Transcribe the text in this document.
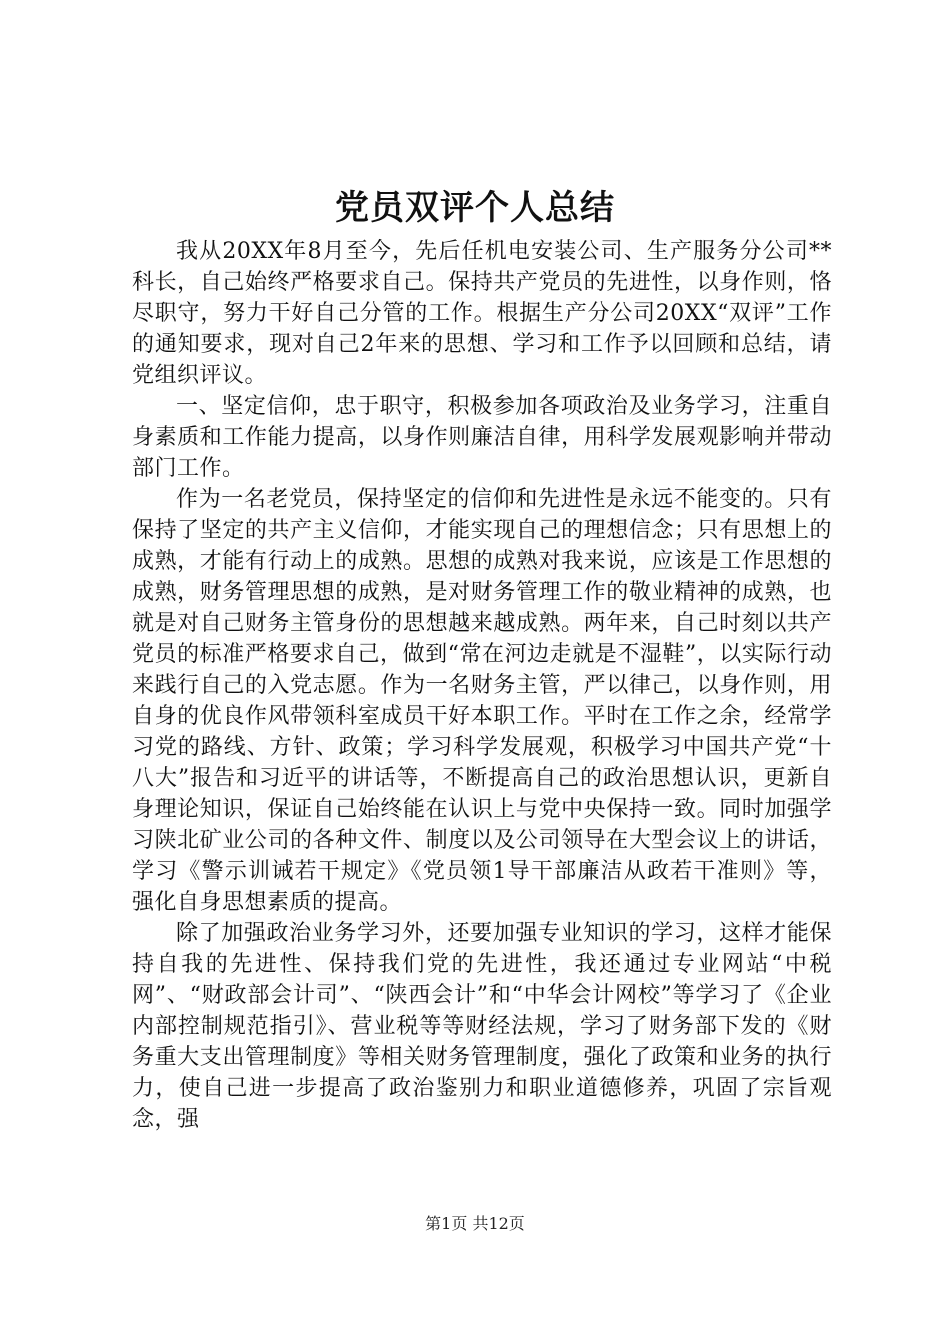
党员双评个人总结

我从20XX年8月至今，先后任机电安装公司、生产服务分公司**科长，自己始终严格要求自己。保持共产党员的先进性，以身作则，恪尽职守，努力干好自己分管的工作。根据生产分公司20XX“双评”工作的通知要求，现对自己2年来的思想、学习和工作予以回顾和总结，请党组织评议。

一、坚定信仰，忠于职守，积极参加各项政治及业务学习，注重自身素质和工作能力提高，以身作则廉洁自律，用科学发展观影响并带动部门工作。

作为一名老党员，保持坚定的信仰和先进性是永远不能变的。只有保持了坚定的共产主义信仰，才能实现自己的理想信念；只有思想上的成熟，才能有行动上的成熟。思想的成熟对我来说，应该是工作思想的成熟，财务管理思想的成熟，是对财务管理工作的敬业精神的成熟，也就是对自己财务主管身份的思想越来越成熟。两年来，自己时刻以共产党员的标准严格要求自己，做到“常在河边走就是不湿鞋”，以实际行动来践行自己的入党志愿。作为一名财务主管，严以律己，以身作则，用自身的优良作风带领科室成员干好本职工作。平时在工作之余，经常学习党的路线、方针、政策；学习科学发展观，积极学习中国共产党“十八大”报告和习近平的讲话等，不断提高自己的政治思想认识，更新自身理论知识，保证自己始终能在认识上与党中央保持一致。同时加强学习陕北矿业公司的各种文件、制度以及公司领导在大型会议上的讲话，学习《警示训诫若干规定》《党员领1导干部廉洁从政若干准则》等，强化自身思想素质的提高。

除了加强政治业务学习外，还要加强专业知识的学习，这样才能保持自我的先进性、保持我们党的先进性，我还通过专业网站“中税网”、“财政部会计司”、“陕西会计”和“中华会计网校”等学习了《企业内部控制规范指引》、营业税等等财经法规，学习了财务部下发的《财务重大支出管理制度》等相关财务管理制度，强化了政策和业务的执行力，使自己进一步提高了政治鉴别力和职业道德修养，巩固了宗旨观念，强

第1页 共12页
